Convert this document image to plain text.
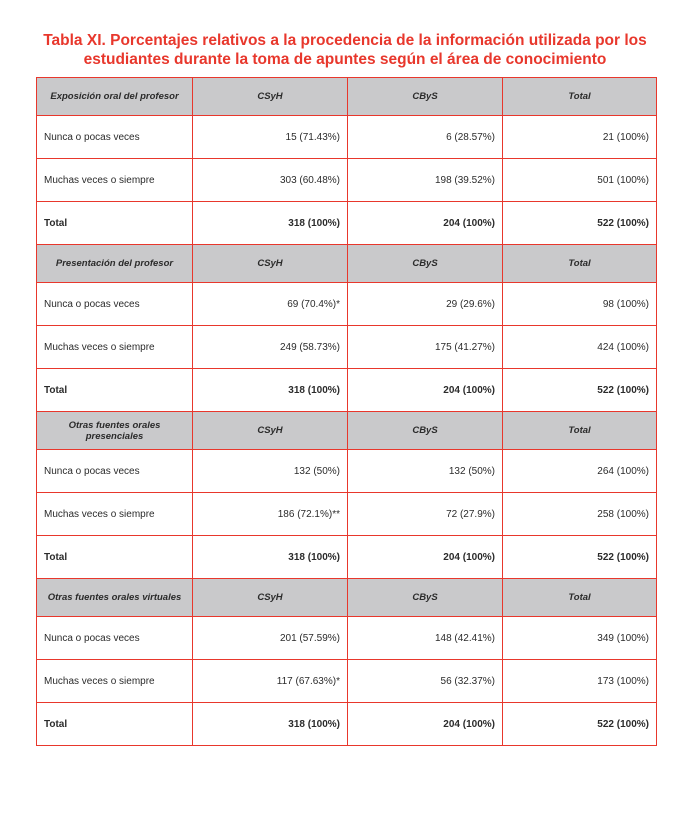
Tabla XI. Porcentajes relativos a la procedencia de la información utilizada por los
estudiantes durante la toma de apuntes según el área de conocimiento
Exposición oral del profesor	CSyH	CByS	Total
Nunca o pocas veces	15 (71.43%)	6 (28.57%)	21 (100%)
Muchas veces o siempre	303 (60.48%)	198 (39.52%)	501 (100%)
Total	318 (100%)	204 (100%)	522 (100%)
Presentación del profesor	CSyH	CByS	Total
Nunca o pocas veces	69 (70.4%)*	29 (29.6%)	98 (100%)
Muchas veces o siempre	249 (58.73%)	175 (41.27%)	424 (100%)
Total	318 (100%)	204 (100%)	522 (100%)
Otras fuentes orales presenciales	CSyH	CByS	Total
Nunca o pocas veces	132 (50%)	132 (50%)	264 (100%)
Muchas veces o siempre	186 (72.1%)**	72 (27.9%)	258 (100%)
Total	318 (100%)	204 (100%)	522 (100%)
Otras fuentes orales virtuales	CSyH	CByS	Total
Nunca o pocas veces	201 (57.59%)	148 (42.41%)	349 (100%)
Muchas veces o siempre	117 (67.63%)*	56 (32.37%)	173 (100%)
Total	318 (100%)	204 (100%)	522 (100%)
